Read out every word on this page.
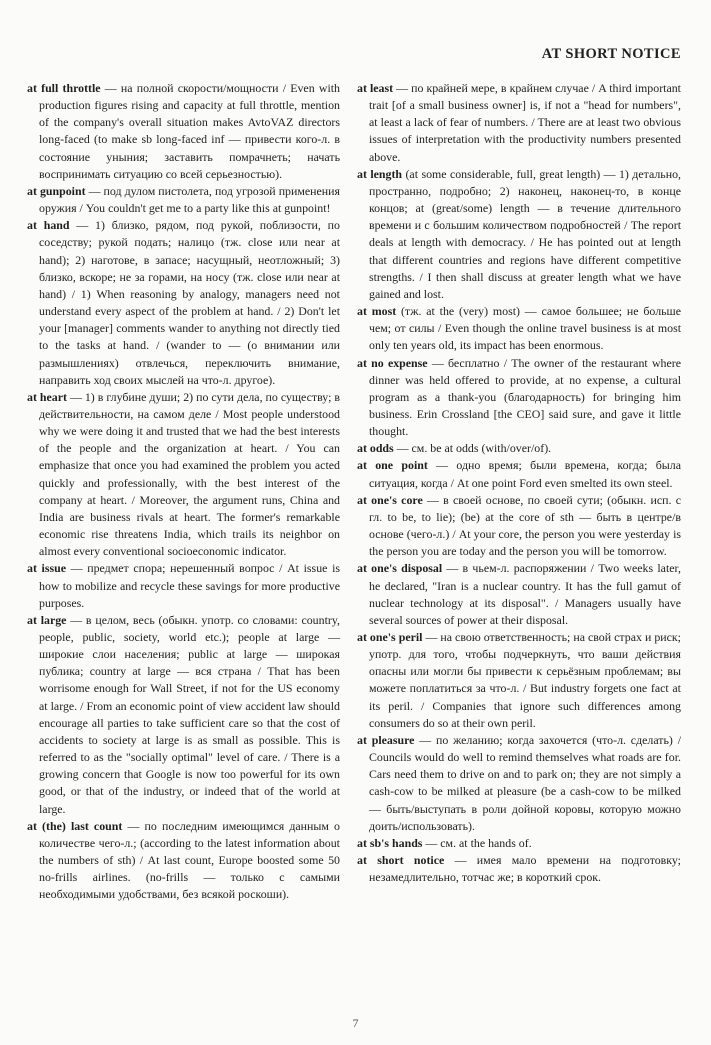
AT SHORT NOTICE

at full throttle — на полной скорости/мощности / Even with production figures rising and capacity at full throttle, mention of the company's overall situation makes AvtoVAZ directors long-faced (to make sb long-faced inf — привести кого-л. в состояние уныния; заставить помрачнеть; начать воспринимать ситуацию со всей серьезностью).

at gunpoint — под дулом пистолета, под угрозой применения оружия / You couldn't get me to a party like this at gunpoint!

at hand — 1) близко, рядом, под рукой, поблизости, по соседству; рукой подать; налицо (тж. close или near at hand); 2) наготове, в запасе; насущный, неотложный; 3) близко, вскоре; не за горами, на носу (тж. close или near at hand) / 1) When reasoning by analogy, managers need not understand every aspect of the problem at hand. / 2) Don't let your [manager] comments wander to anything not directly tied to the tasks at hand. / (wander to — (о внимании или размышлениях) отвлечься, переключить внимание, направить ход своих мыслей на что-л. другое).

at heart — 1) в глубине души; 2) по сути дела, по существу; в действительности, на самом деле / Most people understood why we were doing it and trusted that we had the best interests of the people and the organization at heart. / You can emphasize that once you had examined the problem you acted quickly and professionally, with the best interest of the company at heart. / Moreover, the argument runs, China and India are business rivals at heart. The former's remarkable economic rise threatens India, which trails its neighbor on almost every conventional socioeconomic indicator.

at issue — предмет спора; нерешенный вопрос / At issue is how to mobilize and recycle these savings for more productive purposes.

at large — в целом, весь (обыкн. употр. со словами: country, people, public, society, world etc.); people at large — широкие слои населения; public at large — широкая публика; country at large — вся страна / That has been worrisome enough for Wall Street, if not for the US economy at large. / From an economic point of view accident law should encourage all parties to take sufficient care so that the cost of accidents to society at large is as small as possible. This is referred to as the "socially optimal" level of care. / There is a growing concern that Google is now too powerful for its own good, or that of the industry, or indeed that of the world at large.

at (the) last count — по последним имеющимся данным о количестве чего-л.; (according to the latest information about the numbers of sth) / At last count, Europe boosted some 50 no-frills airlines. (no-frills — только с самыми необходимыми удобствами, без всякой роскоши).

at least — по крайней мере, в крайнем случае / A third important trait [of a small business owner] is, if not a "head for numbers", at least a lack of fear of numbers. / There are at least two obvious issues of interpretation with the productivity numbers presented above.

at length (at some considerable, full, great length) — 1) детально, пространно, подробно; 2) наконец, наконец-то, в конце концов; at (great/some) length — в течение длительного времени и с большим количеством подробностей / The report deals at length with democracy. / He has pointed out at length that different countries and regions have different competitive strengths. / I then shall discuss at greater length what we have gained and lost.

at most (тж. at the (very) most) — самое большее; не больше чем; от силы / Even though the online travel business is at most only ten years old, its impact has been enormous.

at no expense — бесплатно / The owner of the restaurant where dinner was held offered to provide, at no expense, a cultural program as a thank-you (благодарность) for bringing him business. Erin Crossland [the CEO] said sure, and gave it little thought.

at odds — см. be at odds (with/over/of).

at one point — одно время; были времена, когда; была ситуация, когда / At one point Ford even smelted its own steel.

at one's core — в своей основе, по своей сути; (обыкн. исп. с гл. to be, to lie); (be) at the core of sth — быть в центре/в основе (чего-л.) / At your core, the person you were yesterday is the person you are today and the person you will be tomorrow.

at one's disposal — в чьем-л. распоряжении / Two weeks later, he declared, "Iran is a nuclear country. It has the full gamut of nuclear technology at its disposal". / Managers usually have several sources of power at their disposal.

at one's peril — на свою ответственность; на свой страх и риск; употр. для того, чтобы подчеркнуть, что ваши действия опасны или могли бы привести к серьёзным проблемам; вы можете поплатиться за что-л. / But industry forgets one fact at its peril. / Companies that ignore such differences among consumers do so at their own peril.

at pleasure — по желанию; когда захочется (что-л. сделать) / Councils would do well to remind themselves what roads are for. Cars need them to drive on and to park on; they are not simply a cash-cow to be milked at pleasure (be a cash-cow to be milked — быть/выступать в роли дойной коровы, которую можно доить/использовать).

at sb's hands — см. at the hands of.

at short notice — имея мало времени на подготовку; незамедлительно, тотчас же; в короткий срок.

7
